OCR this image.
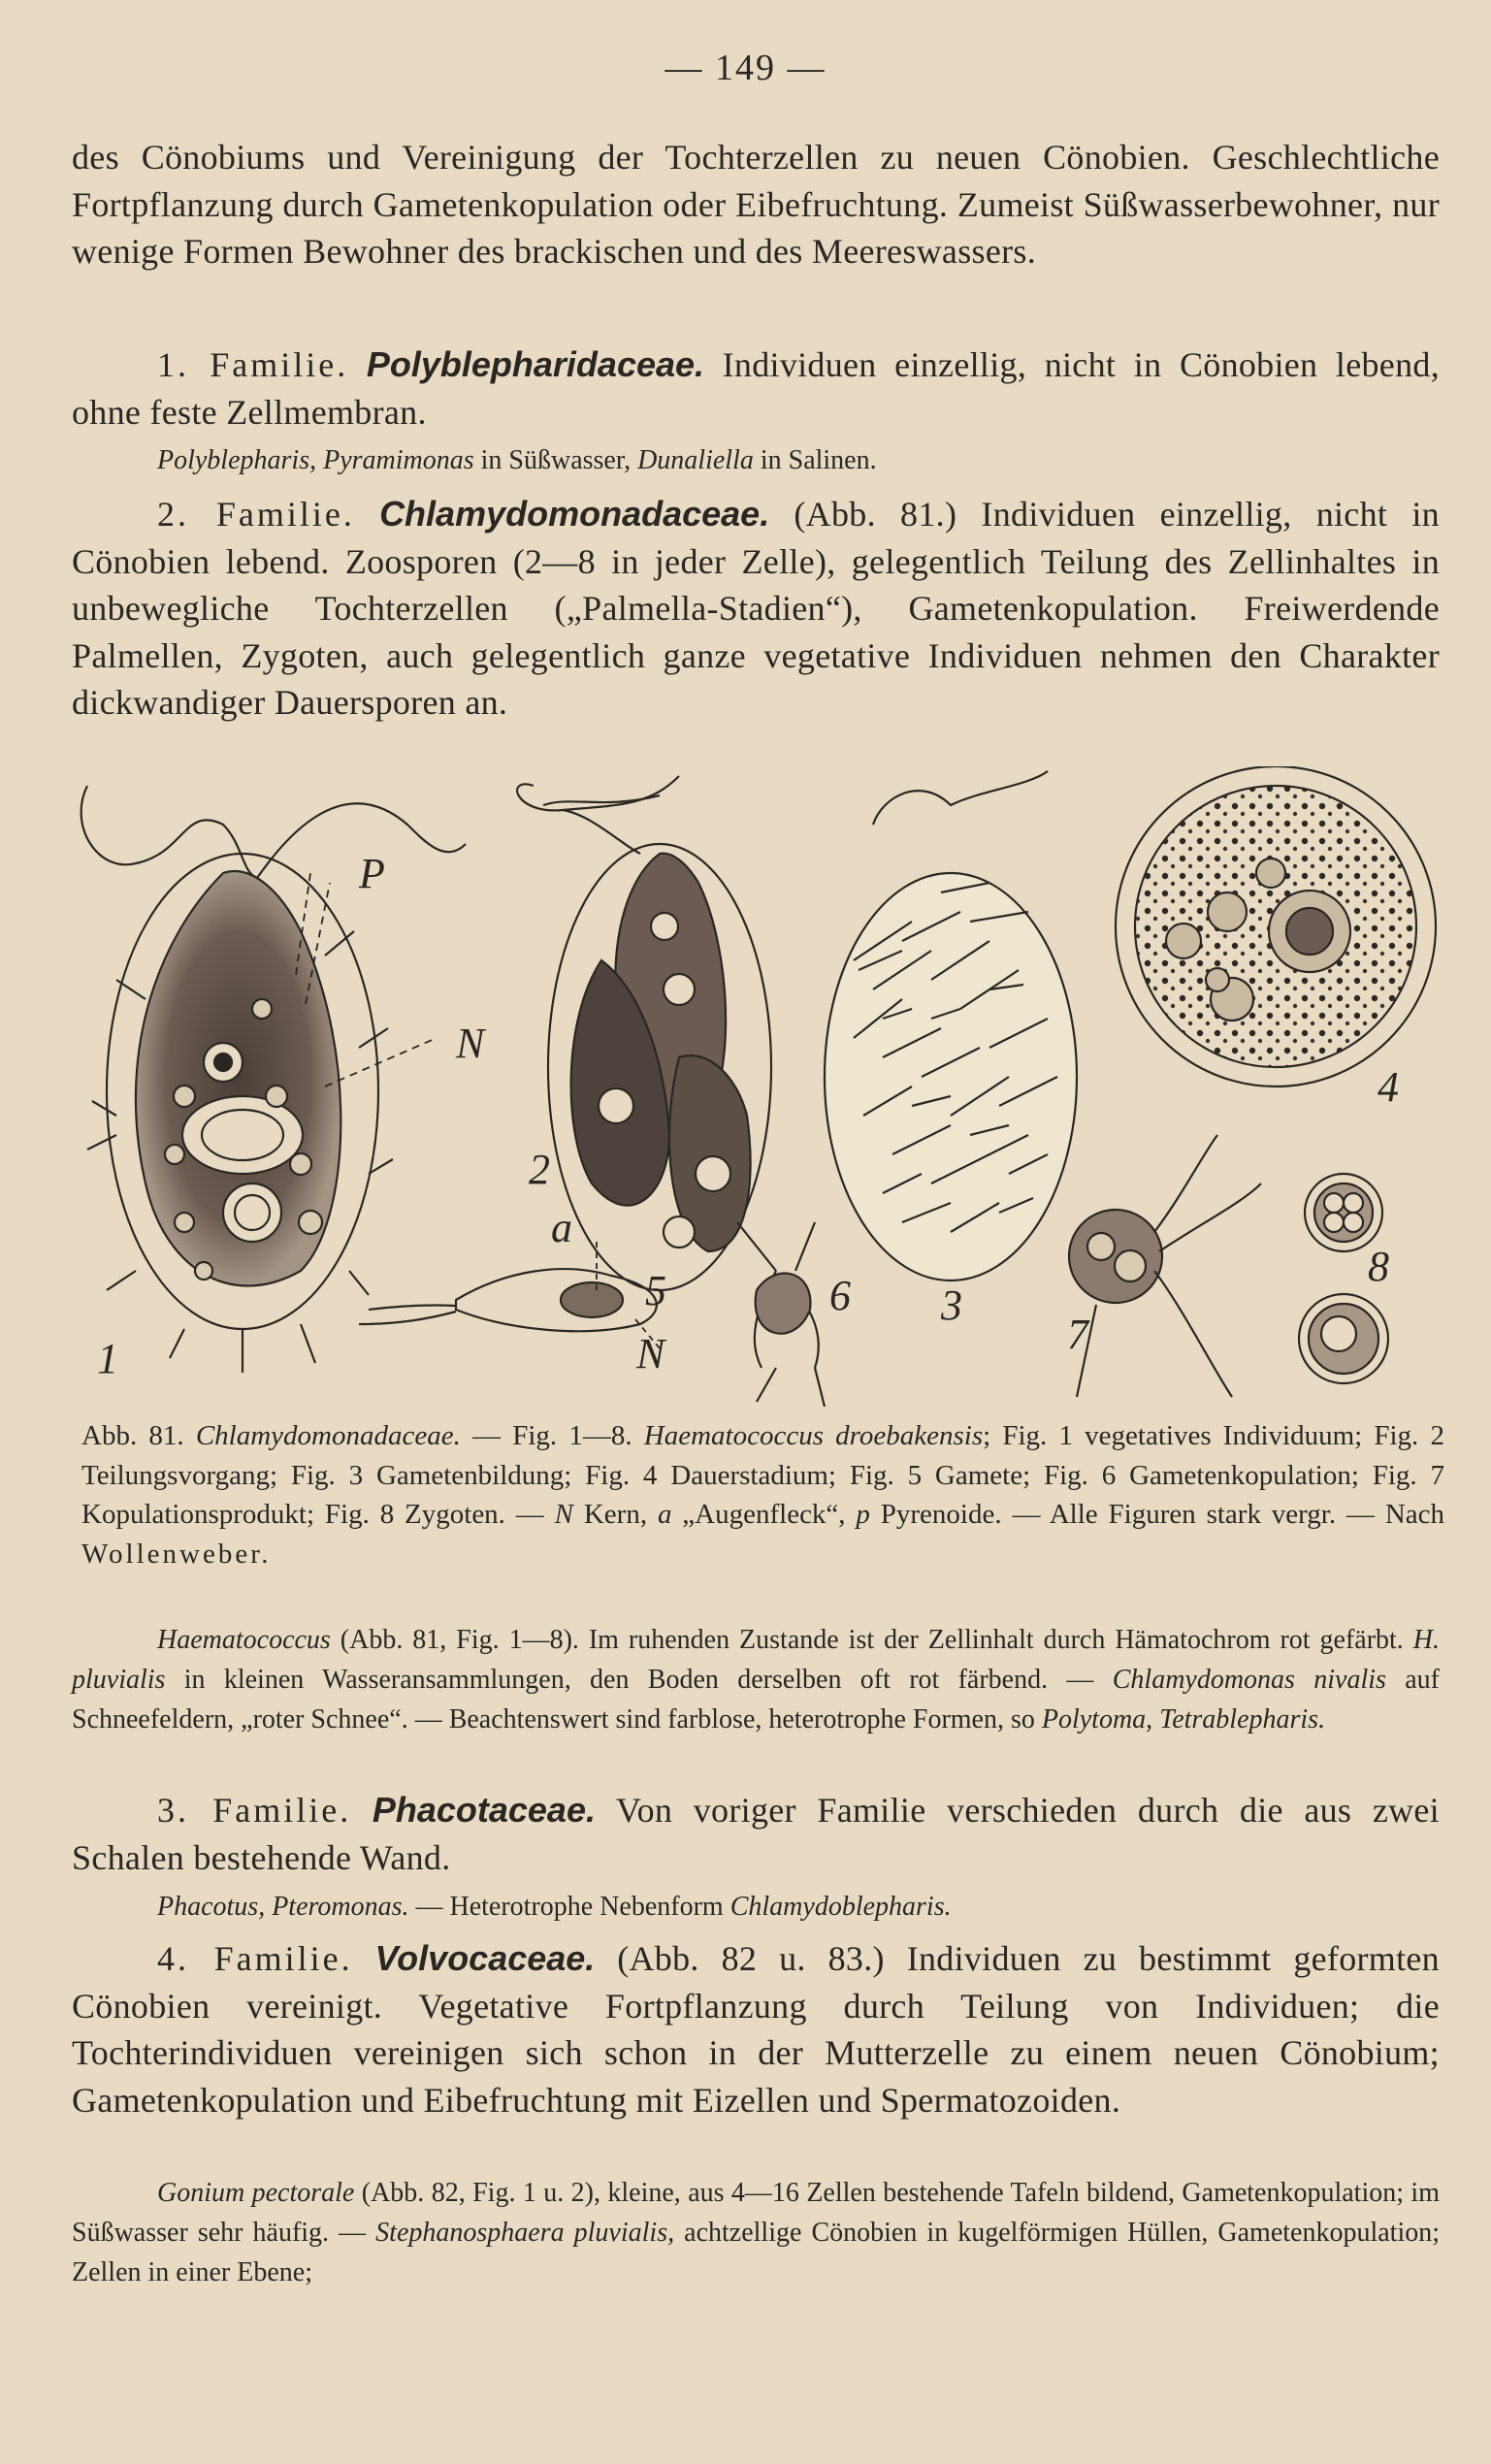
— 149 —

des Cönobiums und Vereinigung der Tochterzellen zu neuen Cönobien. Geschlechtliche Fortpflanzung durch Gametenkopulation oder Eibefruchtung. Zumeist Süßwasserbewohner, nur wenige Formen Bewohner des brackischen und des Meereswassers.

1. Familie. Polyblepharidaceae. Individuen einzellig, nicht in Cönobien lebend, ohne feste Zellmembran.

Polyblepharis, Pyramimonas in Süßwasser, Dunaliella in Salinen.

2. Familie. Chlamydomonadaceae. (Abb. 81.) Individuen einzellig, nicht in Cönobien lebend. Zoosporen (2—8 in jeder Zelle), gelegentlich Teilung des Zellinhaltes in unbewegliche Tochterzellen („Palmella-Stadien“), Gametenkopulation. Freiwerdende Palmellen, Zygoten, auch gelegentlich ganze vegetative Individuen nehmen den Charakter dickwandiger Dauersporen an.

P
N
a
N
1
2
3
4
5	6
7
8

Abb. 81. Chlamydomonadaceae. — Fig. 1—8. Haematococcus droebakensis; Fig. 1 vegetatives Individuum; Fig. 2 Teilungsvorgang; Fig. 3 Gametenbildung; Fig. 4 Dauerstadium; Fig. 5 Gamete; Fig. 6 Gametenkopulation; Fig. 7 Kopulationsprodukt; Fig. 8 Zygoten. — N Kern, a „Augenfleck“, p Pyrenoide. — Alle Figuren stark vergr. — Nach Wollenweber.

Haematococcus (Abb. 81, Fig. 1—8). Im ruhenden Zustande ist der Zellinhalt durch Hämatochrom rot gefärbt. H. pluvialis in kleinen Wasseransammlungen, den Boden derselben oft rot färbend. — Chlamydomonas nivalis auf Schneefeldern, „roter Schnee“. — Beachtenswert sind farblose, heterotrophe Formen, so Polytoma, Tetrablepharis.

3. Familie. Phacotaceae. Von voriger Familie verschieden durch die aus zwei Schalen bestehende Wand.

Phacotus, Pteromonas. — Heterotrophe Nebenform Chlamydoblepharis.

4. Familie. Volvocaceae. (Abb. 82 u. 83.) Individuen zu bestimmt geformten Cönobien vereinigt. Vegetative Fortpflanzung durch Teilung von Individuen; die Tochterindividuen vereinigen sich schon in der Mutterzelle zu einem neuen Cönobium; Gametenkopulation und Eibefruchtung mit Eizellen und Spermatozoiden.

Gonium pectorale (Abb. 82, Fig. 1 u. 2), kleine, aus 4—16 Zellen bestehende Tafeln bildend, Gametenkopulation; im Süßwasser sehr häufig. — Stephanosphaera pluvialis, achtzellige Cönobien in kugelförmigen Hüllen, Gametenkopulation; Zellen in einer Ebene;
